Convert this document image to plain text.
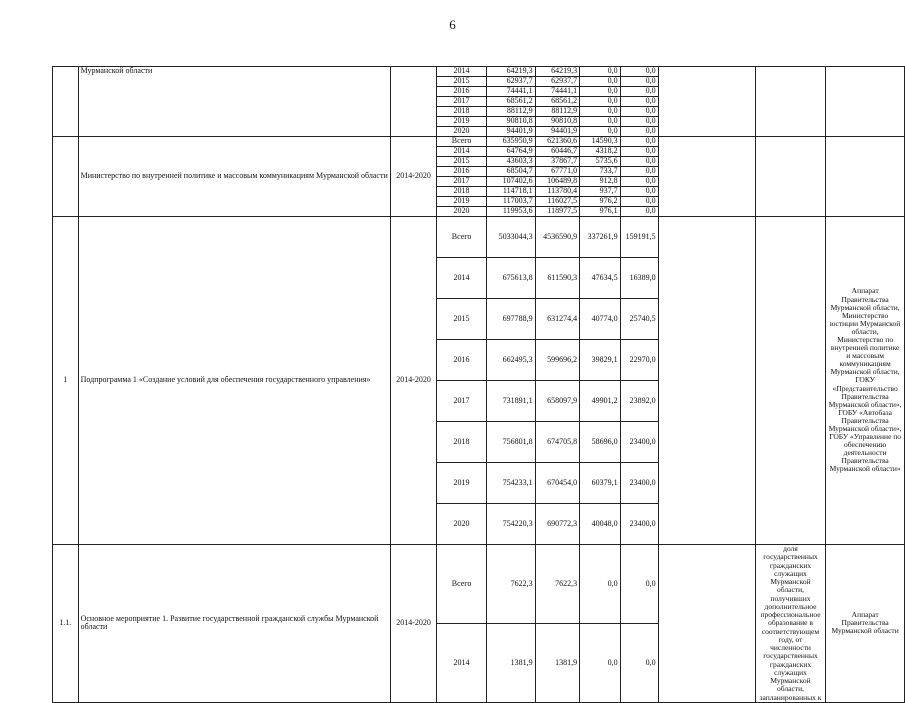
6
	Мурманской области		2014	64219,3	64219,3	0,0	0,0			
			2015	62937,7	62937,7	0,0	0,0			
			2016	74441,1	74441,1	0,0	0,0			
			2017	68561,2	68561,2	0,0	0,0			
			2018	88112,9	88112,9	0,0	0,0			
			2019	90810,8	90810,8	0,0	0,0			
			2020	94401,9	94401,9	0,0	0,0			
	Министерство по внутренней политике и массовым коммуникациям Мурманской области	2014-2020	Всего	635950,9	621360,6	14590,3	0,0			
			2014	64764,9	60446,7	4318,2	0,0			
			2015	43603,3	37867,7	5735,6	0,0			
			2016	68504,7	67771,0	733,7	0,0			
			2017	107402,6	106489,8	912,8	0,0			
			2018	114718,1	113780,4	937,7	0,0			
			2019	117003,7	116027,5	976,2	0,0			
			2020	119953,6	118977,5	976,1	0,0			
1	Подпрограмма 1 «Создание условий для обеспечения государственного управления»	2014-2020	Всего	5033044,3	4536590,9	337261,9	159191,5			Аппарат Правительства Мурманской области, Министерство юстиции Мурманской области, Министерство по внутренней политике и массовым коммуникациям Мурманской области, ГОКУ «Представительство Правительства Мурманской области», ГОБУ «Автобаза Правительства Мурманской области», ГОБУ «Управление по обеспечению деятельности Правительства Мурманской области»
			2014	675613,8	611590,3	47634,5	16389,0			
			2015	697788,9	631274,4	40774,0	25740,5			
			2016	662495,3	599696,2	39829,1	22970,0			
			2017	731891,1	658097,9	49901,2	23892,0			
			2018	756801,8	674705,8	58696,0	23400,0			
			2019	754233,1	670454,0	60379,1	23400,0			
			2020	754220,3	690772,3	40048,0	23400,0			
1.1.	Основное мероприятие 1. Развитие государственной гражданской службы Мурманской области	2014-2020	Всего	7622,3	7622,3	0,0	0,0		доля государственных гражданских служащих Мурманской области, получивших дополнительное профессиональное образование в соответствующем году, от численности государственных гражданских служащих Мурманской области, запланированных к	Аппарат Правительства Мурманской области
			2014	1381,9	1381,9	0,0	0,0			
